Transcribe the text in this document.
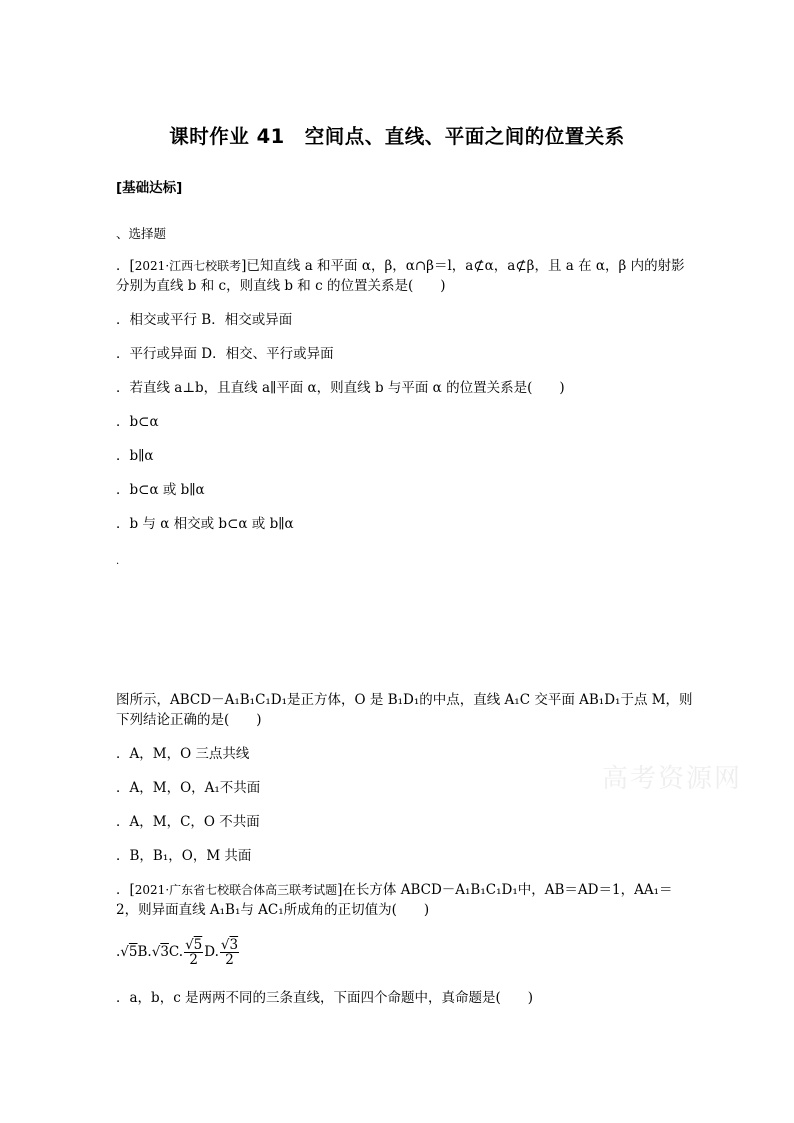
课时作业 41　空间点、直线、平面之间的位置关系
[基础达标]
、选择题
．[2021·江西七校联考]已知直线 a 和平面 α，β，α∩β＝l，a⊄α，a⊄β，且 a 在 α，β 内的射影
分别为直线 b 和 c，则直线 b 和 c 的位置关系是(　　)
．相交或平行 B．相交或异面
．平行或异面 D．相交、平行或异面
．若直线 a⊥b，且直线 a∥平面 α，则直线 b 与平面 α 的位置关系是(　　)
．b⊂α
．b∥α
．b⊂α 或 b∥α
．b 与 α 相交或 b⊂α 或 b∥α
.
图所示，ABCD－A₁B₁C₁D₁是正方体，O 是 B₁D₁的中点，直线 A₁C 交平面 AB₁D₁于点 M，则
下列结论正确的是(　　)
．A，M，O 三点共线
．A，M，O，A₁不共面
．A，M，C，O 不共面
．B，B₁，O，M 共面
高考资源网
．[2021·广东省七校联合体高三联考试题]在长方体 ABCD－A₁B₁C₁D₁中，AB＝AD＝1，AA₁＝
2，则异面直线 A₁B₁与 AC₁所成角的正切值为(　　)
.√5B.√3C. $\frac{√5}{2} D$. $\frac{√3}{2}$
．a，b，c 是两两不同的三条直线，下面四个命题中，真命题是(　　)
